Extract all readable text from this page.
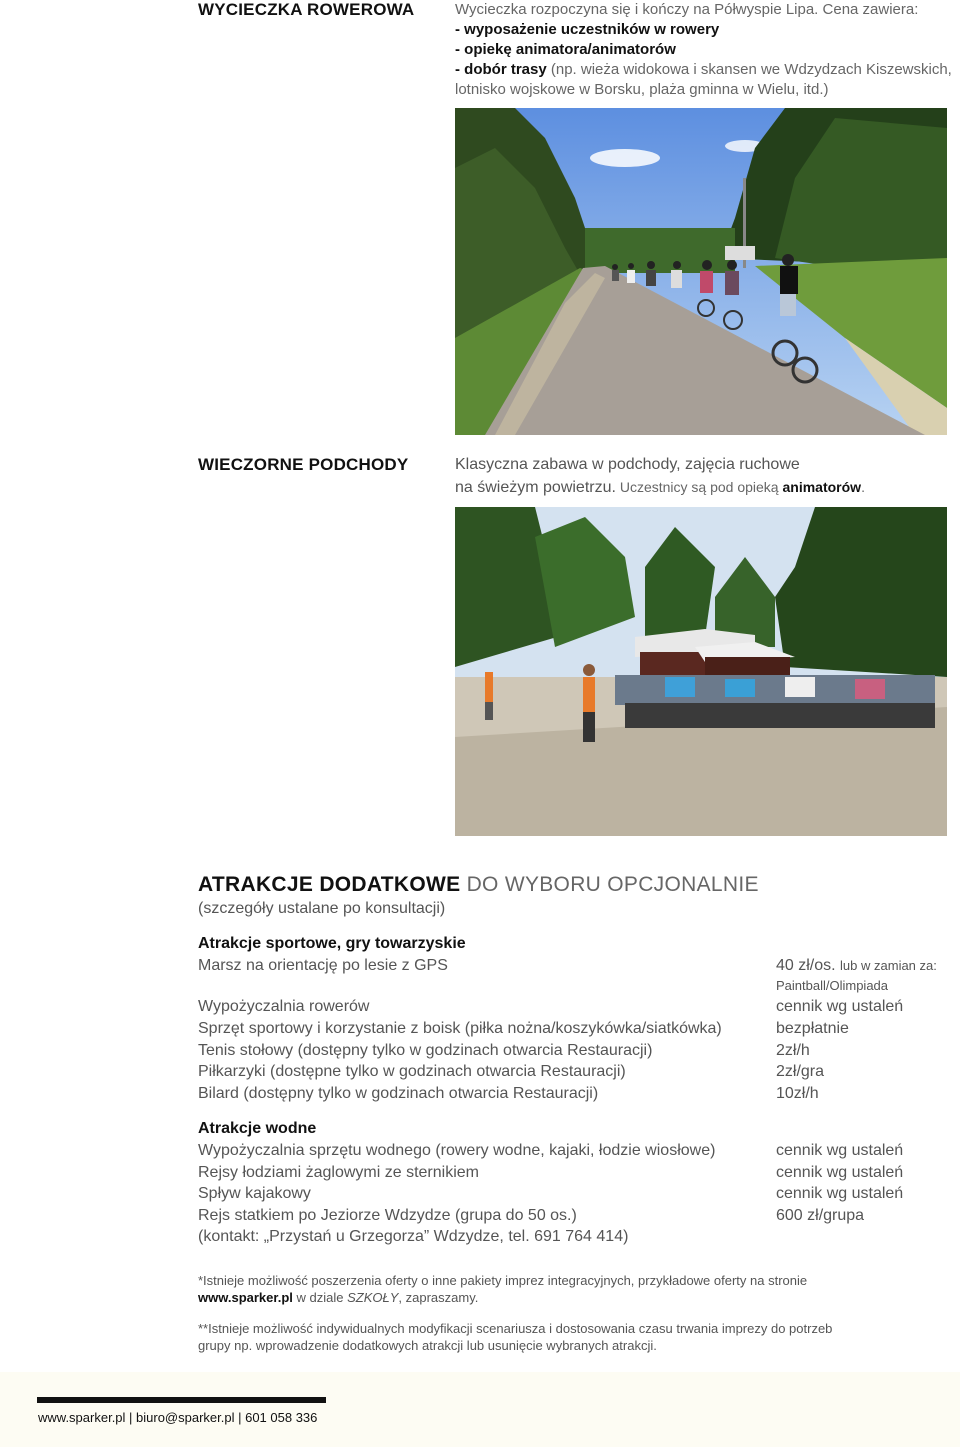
WYCIECZKA ROWEROWA	Wycieczka rozpoczyna się i kończy na Półwyspie Lipa. Cena zawiera:
- wyposażenie uczestników w rowery
- opiekę animatora/animatorów
- dobór trasy (np. wieża widokowa i skansen we Wdzydzach Kiszewskich,
lotnisko wojskowe w Borsku, plaża gminna w Wielu, itd.)
WIECZORNE PODCHODY	Klasyczna zabawa w podchody, zajęcia ruchowe
na świeżym powietrzu. Uczestnicy są pod opieką animatorów.
ATRAKCJE DODATKOWE DO WYBORU OPCJONALNIE
(szczegóły ustalane po konsultacji)
Atrakcje sportowe, gry towarzyskie
Marsz na orientację po lesie z GPS	40 zł/os. lub w zamian za:
Paintball/Olimpiada
Wypożyczalnia rowerów	cennik wg ustaleń
Sprzęt sportowy i korzystanie z boisk (piłka nożna/koszykówka/siatkówka)	bezpłatnie
Tenis stołowy (dostępny tylko w godzinach otwarcia Restauracji)	2zł/h
Piłkarzyki (dostępne tylko w godzinach otwarcia Restauracji)	2zł/gra
Bilard (dostępny tylko w godzinach otwarcia Restauracji)	10zł/h
Atrakcje wodne
Wypożyczalnia sprzętu wodnego (rowery wodne, kajaki, łodzie wiosłowe)	cennik wg ustaleń
Rejsy łodziami żaglowymi ze sternikiem	cennik wg ustaleń
Spływ kajakowy	cennik wg ustaleń
Rejs statkiem po Jeziorze Wdzydze (grupa do 50 os.)	600 zł/grupa
(kontakt: „Przystań u Grzegorza” Wdzydze, tel. 691 764 414)
*Istnieje możliwość poszerzenia oferty o inne pakiety imprez integracyjnych, przykładowe oferty na stronie
www.sparker.pl w dziale SZKOŁY, zapraszamy.
**Istnieje możliwość indywidualnych modyfikacji scenariusza i dostosowania czasu trwania imprezy do potrzeb
grupy np. wprowadzenie dodatkowych atrakcji lub usunięcie wybranych atrakcji.
www.sparker.pl | biuro@sparker.pl | 601 058 336
